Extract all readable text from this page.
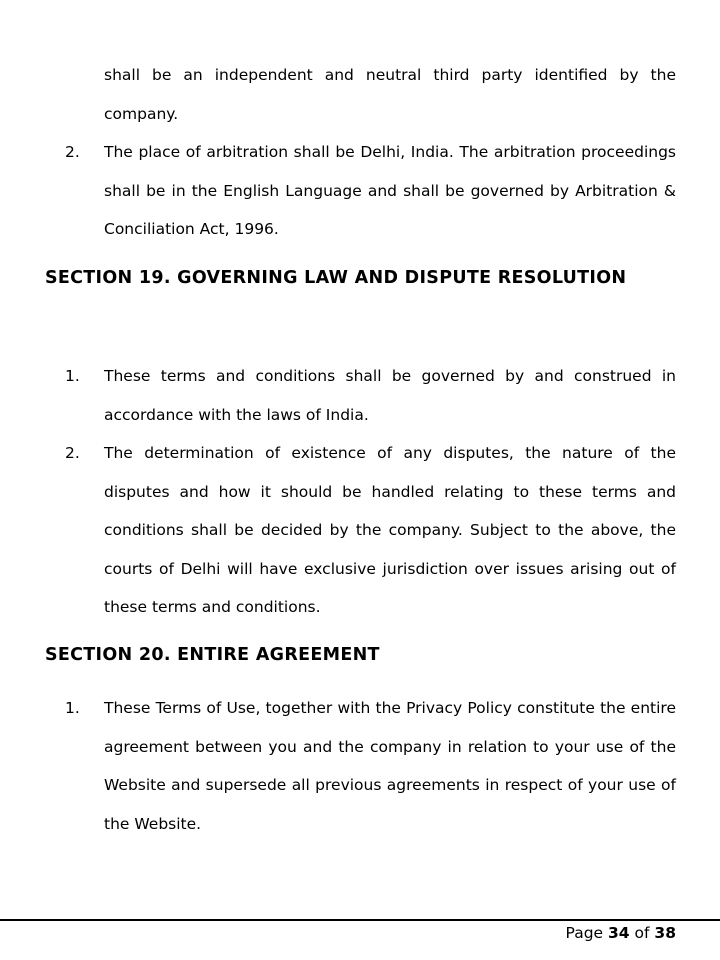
shall be an independent and neutral third party identified by the company.
2. The place of arbitration shall be Delhi, India. The arbitration proceedings shall be in the English Language and shall be governed by Arbitration & Conciliation Act, 1996.
SECTION 19. GOVERNING LAW AND DISPUTE RESOLUTION
1. These terms and conditions shall be governed by and construed in accordance with the laws of India.
2. The determination of existence of any disputes, the nature of the disputes and how it should be handled relating to these terms and conditions shall be decided by the company. Subject to the above, the courts of Delhi will have exclusive jurisdiction over issues arising out of these terms and conditions.
SECTION 20. ENTIRE AGREEMENT
1. These Terms of Use, together with the Privacy Policy constitute the entire agreement between you and the company in relation to your use of the Website and supersede all previous agreements in respect of your use of the Website.
Page 34 of 38
